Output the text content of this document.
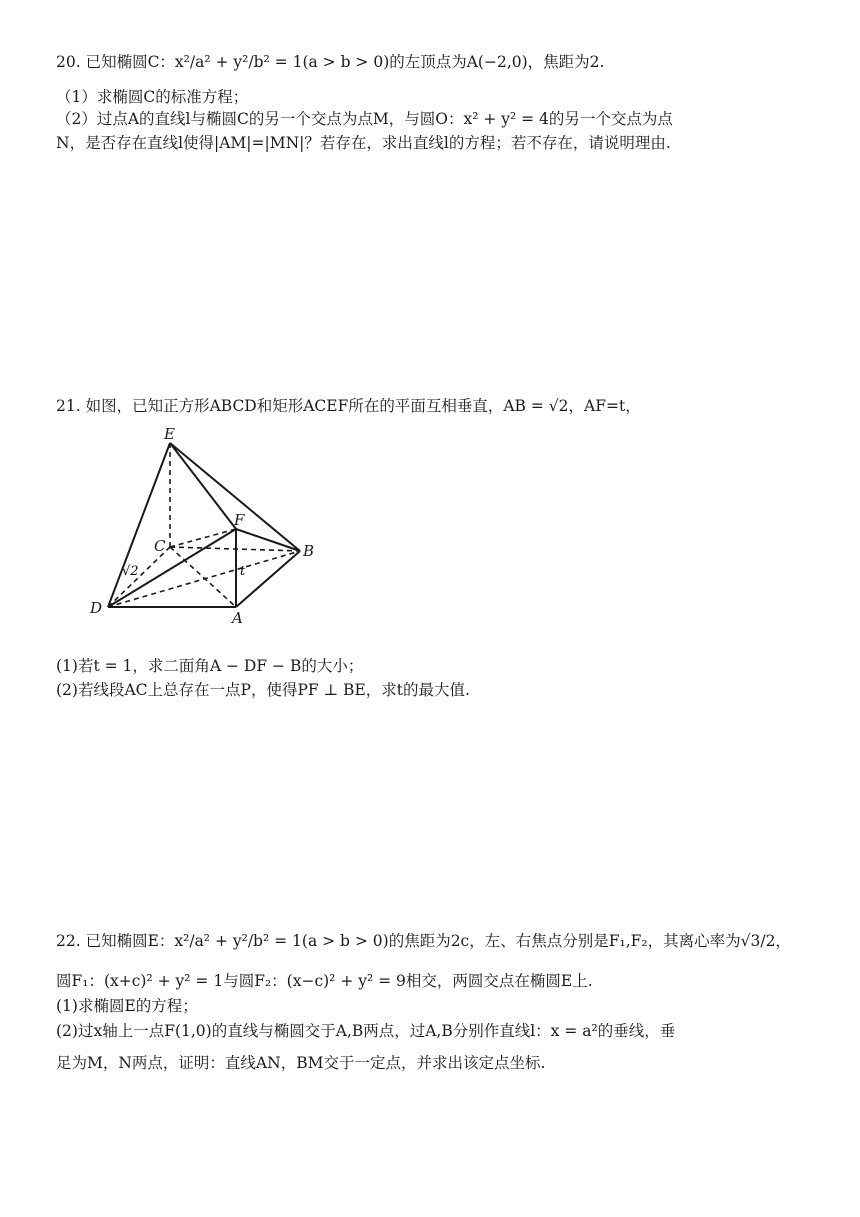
20. 已知椭圆C：x²/a² + y²/b² = 1(a > b > 0)的左顶点为A(−2,0)，焦距为2.
（1）求椭圆C的标准方程；
（2）过点A的直线l与椭圆C的另一个交点为点M，与圆O：x² + y² = 4的另一个交点为点
N，是否存在直线l使得|AM|=|MN|？若存在，求出直线l的方程；若不存在，请说明理由.
21. 如图，已知正方形ABCD和矩形ACEF所在的平面互相垂直，AB = √2，AF=t，
E
F
C	B
D
A
√2	t
(1)若t = 1，求二面角A − DF − B的大小；
(2)若线段AC上总存在一点P，使得PF ⊥ BE，求t的最大值.
22. 已知椭圆E：x²/a² + y²/b² = 1(a > b > 0)的焦距为2c，左、右焦点分别是F₁,F₂，其离心率为√3/2，
圆F₁：(x+c)² + y² = 1与圆F₂：(x−c)² + y² = 9相交，两圆交点在椭圆E上.
(1)求椭圆E的方程；
(2)过x轴上一点F(1,0)的直线与椭圆交于A,B两点，过A,B分别作直线l：x = a²的垂线，垂
足为M，N两点，证明：直线AN，BM交于一定点，并求出该定点坐标.
